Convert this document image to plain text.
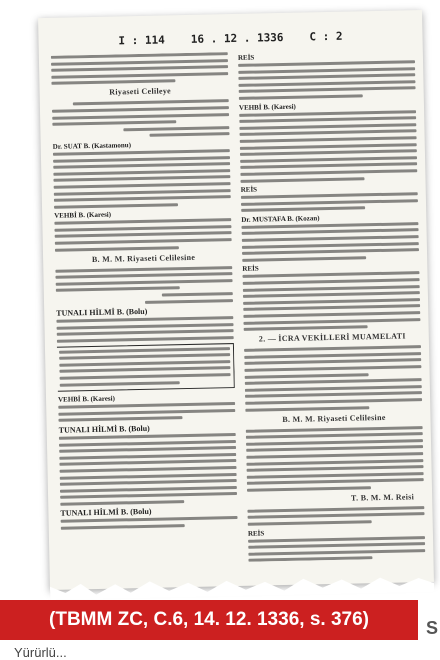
I : 114 16 . 12 . 1336 C : 2
Riyaseti Celileye
Dr. SUAT B. (Kastamonu)
VEHBİ B. (Karesi)
B. M. M. Riyaseti Celilesine
TUNALI HİLMİ B. (Bolu)
VEHBİ B. (Karesi)
TUNALI HİLMİ B. (Bolu)
TUNALI HİLMİ B. (Bolu)
REİS
VEHBİ B. (Karesi)
REİS
Dr. MUSTAFA B. (Kozan)
REİS
2. — İCRA VEKİLLERİ MUAMELATI
B. M. M. Riyaseti Celilesine
T. B. M. M. Reisi
REİS
(TBMM ZC, C.6, 14. 12. 1336, s. 376)	S
Yürürlü...
